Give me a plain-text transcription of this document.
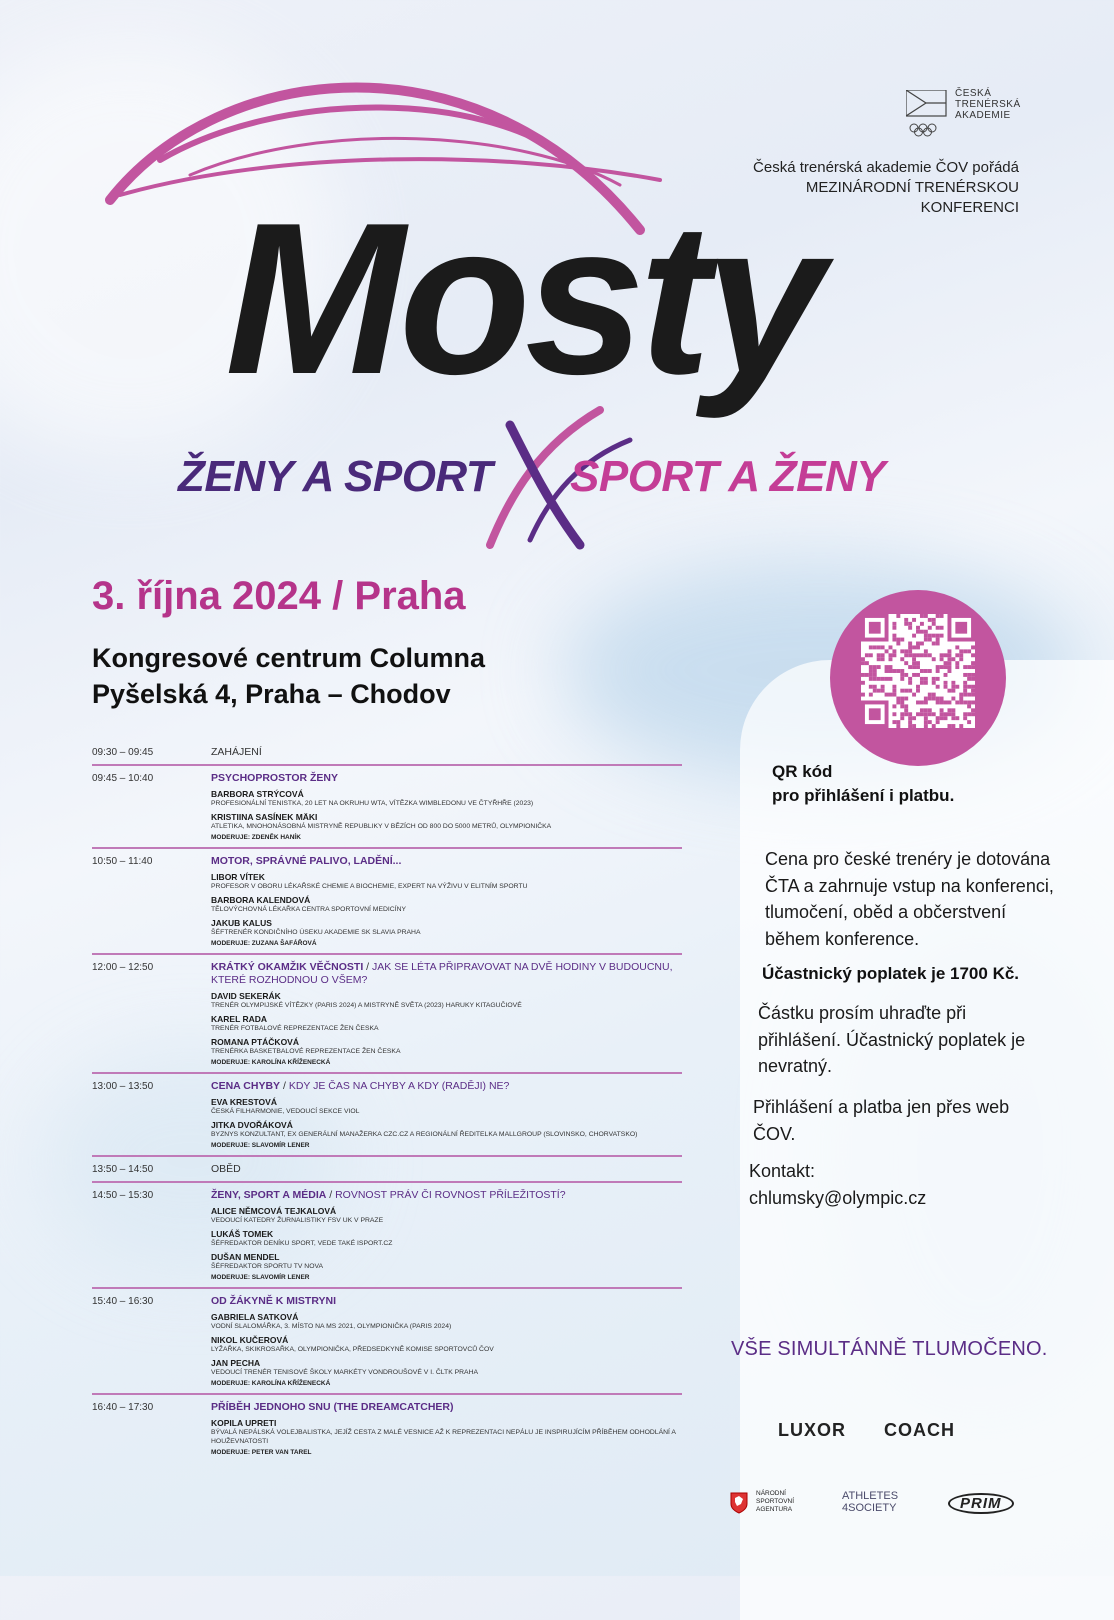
ČESKÁ
TRENÉRSKÁ
AKADEMIE
Česká trenérská akademie ČOV pořádá
MEZINÁRODNÍ TRENÉRSKOU
KONFERENCI
Mosty
ŽENY A SPORT SPORT A ŽENY
3. října 2024 / Praha
Kongresové centrum Columna
Pyšelská 4, Praha – Chodov
09:30 – 09:45	ZAHÁJENÍ
09:45 – 10:40	PSYCHOPROSTOR ŽENY
BARBORA STRÝCOVÁ
PROFESIONÁLNÍ TENISTKA, 20 LET NA OKRUHU WTA, VÍTĚZKA WIMBLEDONU VE ČTYŘHŘE (2023)
KRISTIINA SASÍNEK MÄKI
ATLETIKA, MNOHONÁSOBNÁ MISTRYNĚ REPUBLIKY V BĚZÍCH OD 800 DO 5000 METRŮ, OLYMPIONIČKA
MODERUJE: ZDENĚK HANÍK
10:50 – 11:40	MOTOR, SPRÁVNÉ PALIVO, LADĚNÍ...
LIBOR VÍTEK
PROFESOR V OBORU LÉKAŘSKÉ CHEMIE A BIOCHEMIE, EXPERT NA VÝŽIVU V ELITNÍM SPORTU
BARBORA KALENDOVÁ
TĚLOVÝCHOVNÁ LÉKAŘKA CENTRA SPORTOVNÍ MEDICÍNY
JAKUB KALUS
ŠÉFTRENÉR KONDIČNÍHO ÚSEKU AKADEMIE SK SLAVIA PRAHA
MODERUJE: ZUZANA ŠAFÁŘOVÁ
12:00 – 12:50	KRÁTKÝ OKAMŽIK VĚČNOSTI / JAK SE LÉTA PŘIPRAVOVAT NA DVĚ HODINY V BUDOUCNU, KTERÉ ROZHODNOU O VŠEM?
DAVID SEKERÁK
TRENÉR OLYMPIJSKÉ VÍTĚZKY (PARIS 2024) A MISTRYNĚ SVĚTA (2023) HARUKY KITAGUČIOVÉ
KAREL RADA
TRENÉR FOTBALOVÉ REPREZENTACE ŽEN ČESKA
ROMANA PTÁČKOVÁ
TRENÉRKA BASKETBALOVÉ REPREZENTACE ŽEN ČESKA
MODERUJE: KAROLÍNA KŘÍŽENECKÁ
13:00 – 13:50	CENA CHYBY / KDY JE ČAS NA CHYBY A KDY (RADĚJI) NE?
EVA KRESTOVÁ
ČESKÁ FILHARMONIE, VEDOUCÍ SEKCE VIOL
JITKA DVOŘÁKOVÁ
BYZNYS KONZULTANT, EX GENERÁLNÍ MANAŽERKA CZC.CZ A REGIONÁLNÍ ŘEDITELKA MALLGROUP (SLOVINSKO, CHORVATSKO)
MODERUJE: SLAVOMÍR LENER
13:50 – 14:50	OBĚD
14:50 – 15:30	ŽENY, SPORT A MÉDIA / ROVNOST PRÁV ČI ROVNOST PŘÍLEŽITOSTÍ?
ALICE NĚMCOVÁ TEJKALOVÁ
VEDOUCÍ KATEDRY ŽURNALISTIKY FSV UK V PRAZE
LUKÁŠ TOMEK
ŠÉFREDAKTOR DENÍKU SPORT, VEDE TAKÉ ISPORT.CZ
DUŠAN MENDEL
ŠÉFREDAKTOR SPORTU TV NOVA
MODERUJE: SLAVOMÍR LENER
15:40 – 16:30	OD ŽÁKYNĚ K MISTRYNI
GABRIELA SATKOVÁ
VODNÍ SLALOMÁŘKA, 3. MÍSTO NA MS 2021, OLYMPIONIČKA (PARIS 2024)
NIKOL KUČEROVÁ
LYŽAŘKA, SKIKROSAŘKA, OLYMPIONIČKA, PŘEDSEDKYNĚ KOMISE SPORTOVCŮ ČOV
JAN PECHA
VEDOUCÍ TRENÉR TENISOVÉ ŠKOLY MARKÉTY VONDROUŠOVÉ V I. ČLTK PRAHA
MODERUJE: KAROLÍNA KŘÍŽENECKÁ
16:40 – 17:30	PŘÍBĚH JEDNOHO SNU (THE DREAMCATCHER)
KOPILA UPRETI
BÝVALÁ NEPÁLSKÁ VOLEJBALISTKA, JEJÍŽ CESTA Z MALÉ VESNICE AŽ K REPREZENTACI NEPÁLU JE INSPIRUJÍCÍM PŘÍBĚHEM ODHODLÁNÍ A HOUŽEVNATOSTI
MODERUJE: PETER VAN TAREL
QR kód
pro přihlášení i platbu.
Cena pro české trenéry je dotována ČTA a zahrnuje vstup na konferenci, tlumočení, oběd a občerstvení během konference.
Účastnický poplatek je 1700 Kč.
Částku prosím uhraďte při přihlášení. Účastnický poplatek je nevratný.
Přihlášení a platba jen přes web ČOV.
Kontakt:
chlumsky@olympic.cz
VŠE SIMULTÁNNĚ TLUMOČENO.
LUXOR COACH
NÁRODNÍ
SPORTOVNÍ
AGENTURA
ATHLETES
4SOCIETY	PRIM
